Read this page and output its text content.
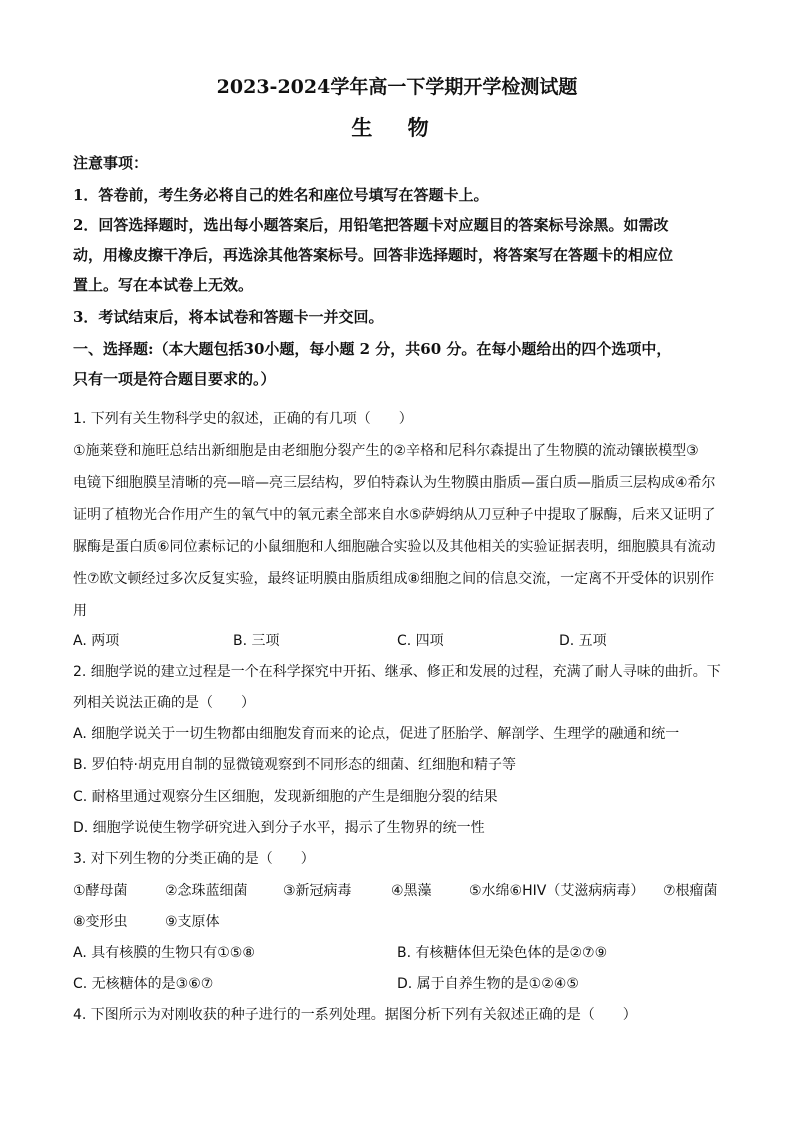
2023-2024学年高一下学期开学检测试题
生 物
注意事项：
1．答卷前，考生务必将自己的姓名和座位号填写在答题卡上。
2．回答选择题时，选出每小题答案后，用铅笔把答题卡对应题目的答案标号涂黑。如需改
动，用橡皮擦干净后，再选涂其他答案标号。回答非选择题时，将答案写在答题卡的相应位
置上。写在本试卷上无效。
3．考试结束后，将本试卷和答题卡一并交回。
一、选择题:（本大题包括30小题，每小题 2 分，共60 分。在每小题给出的四个选项中，
只有一项是符合题目要求的。）
1. 下列有关生物科学史的叙述，正确的有几项（　　）
①施莱登和施旺总结出新细胞是由老细胞分裂产生的②辛格和尼科尔森提出了生物膜的流动镶嵌模型③
电镜下细胞膜呈清晰的亮—暗—亮三层结构，罗伯特森认为生物膜由脂质—蛋白质—脂质三层构成④希尔
证明了植物光合作用产生的氧气中的氧元素全部来自水⑤萨姆纳从刀豆种子中提取了脲酶，后来又证明了
脲酶是蛋白质⑥同位素标记的小鼠细胞和人细胞融合实验以及其他相关的实验证据表明，细胞膜具有流动
性⑦欧文顿经过多次反复实验，最终证明膜由脂质组成⑧细胞之间的信息交流，一定离不开受体的识别作
用
A. 两项	B. 三项	C. 四项	D. 五项
2. 细胞学说的建立过程是一个在科学探究中开拓、继承、修正和发展的过程，充满了耐人寻味的曲折。下
列相关说法正确的是（　　）
A. 细胞学说关于一切生物都由细胞发育而来的论点，促进了胚胎学、解剖学、生理学的融通和统一
B. 罗伯特·胡克用自制的显微镜观察到不同形态的细菌、红细胞和精子等
C. 耐格里通过观察分生区细胞，发现新细胞的产生是细胞分裂的结果
D. 细胞学说使生物学研究进入到分子水平，揭示了生物界的统一性
3. 对下列生物的分类正确的是（　　）
①酵母菌	②念珠蓝细菌	③新冠病毒	④黑藻	⑤水绵⑥HIV（艾滋病病毒） ⑦根瘤菌
⑧变形虫	⑨支原体
A. 具有核膜的生物只有①⑤⑧	B. 有核糖体但无染色体的是②⑦⑨
C. 无核糖体的是③⑥⑦	D. 属于自养生物的是①②④⑤
4. 下图所示为对刚收获的种子进行的一系列处理。据图分析下列有关叙述正确的是（　　）
